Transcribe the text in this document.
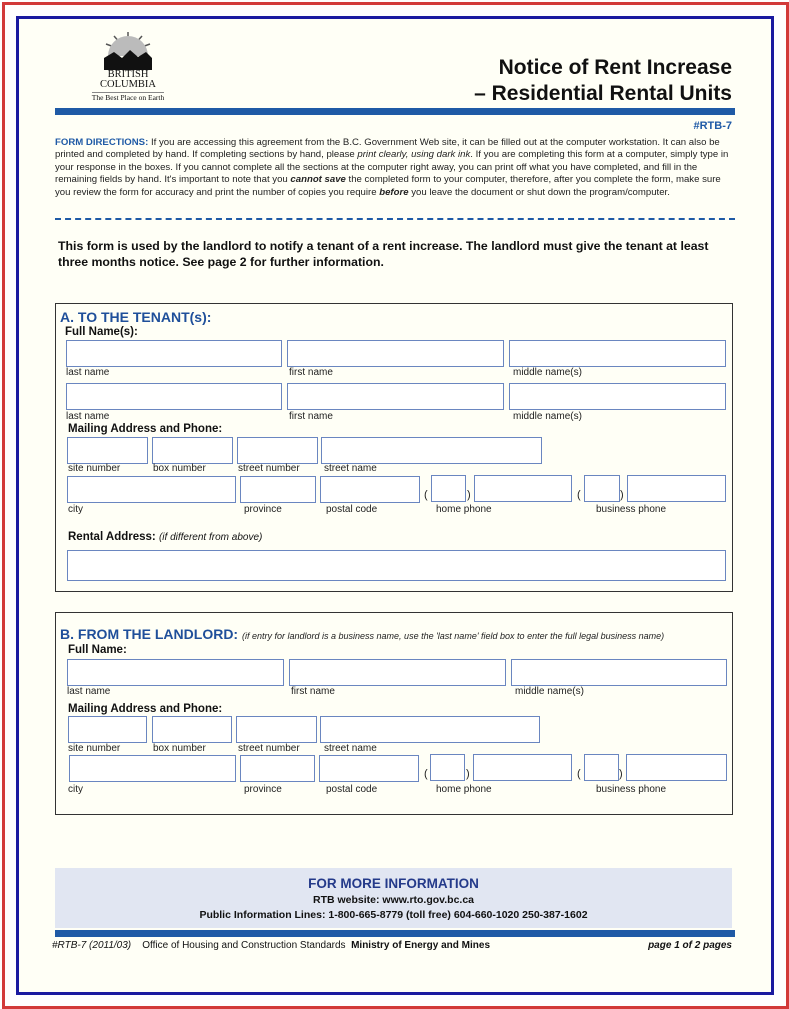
BRITISH
COLUMBIA
The Best Place on Earth
Notice of Rent Increase
– Residential Rental Units
#RTB-7
FORM DIRECTIONS: If you are accessing this agreement from the B.C. Government Web site, it can be filled out at the computer workstation. It can also be printed and completed by hand. If completing sections by hand, please print clearly, using dark ink. If you are completing this form at a computer, simply type in your response in the boxes. If you cannot complete all the sections at the computer right away, you can print off what you have completed, and fill in the remaining fields by hand. It's important to note that you cannot save the completed form to your computer, therefore, after you complete the form, make sure you review the form for accuracy and print the number of copies you require before you leave the document or shut down the program/computer.
This form is used by the landlord to notify a tenant of a rent increase. The landlord must give the tenant at least three months notice. See page 2 for further information.
A. TO THE TENANT(s):
Full Name(s):
last name	first name	middle name(s)
last name	first name	middle name(s)
Mailing Address and Phone:
site number	box number	street number street name
(	)	(	)
city	province	postal code	home phone	business phone
Rental Address: (if different from above)
B. FROM THE LANDLORD: (if entry for landlord is a business name, use the 'last name' field box to enter the full legal business name)
Full Name:
last name	first name	middle name(s)
Mailing Address and Phone:
site number	box number	street number street name
(	)	(	)
city	province	postal code	home phone	business phone
FOR MORE INFORMATION
RTB website: www.rto.gov.bc.ca
Public Information Lines: 1-800-665-8779 (toll free) 604-660-1020 250-387-1602
#RTB-7 (2011/03) Office of Housing and Construction Standards Ministry of Energy and Mines	page 1 of 2 pages
